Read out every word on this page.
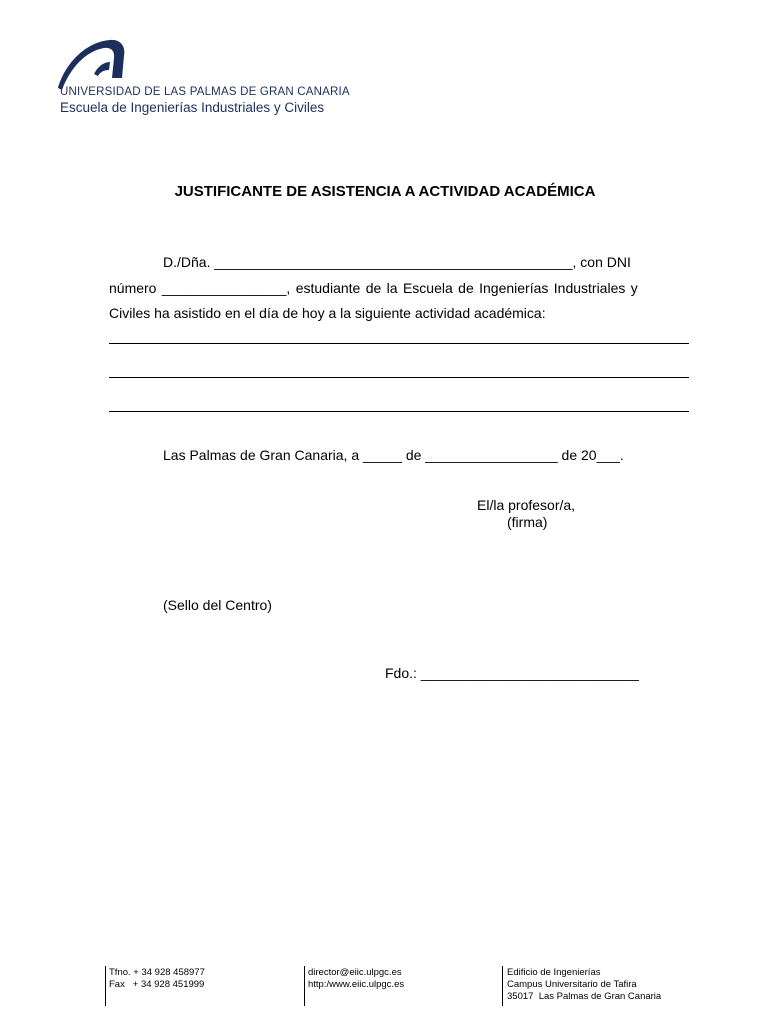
UNIVERSIDAD DE LAS PALMAS DE GRAN CANARIA
Escuela de Ingenierías Industriales y Civiles
JUSTIFICANTE DE ASISTENCIA A ACTIVIDAD ACADÉMICA
D./Dña. ______________________________________________, con DNI
número ________________, estudiante de la Escuela de Ingenierías Industriales y
Civiles ha asistido en el día de hoy a la siguiente actividad académica:
Las Palmas de Gran Canaria, a _____ de _________________ de 20___.
El/la profesor/a,
(firma)
(Sello del Centro)
Fdo.: ____________________________
Tfno. + 34 928 458977
Fax   + 34 928 451999
director@eiic.ulpgc.es
http:/www.eiic.ulpgc.es
Edificio de Ingenierías
Campus Universitario de Tafira
35017  Las Palmas de Gran Canaria
